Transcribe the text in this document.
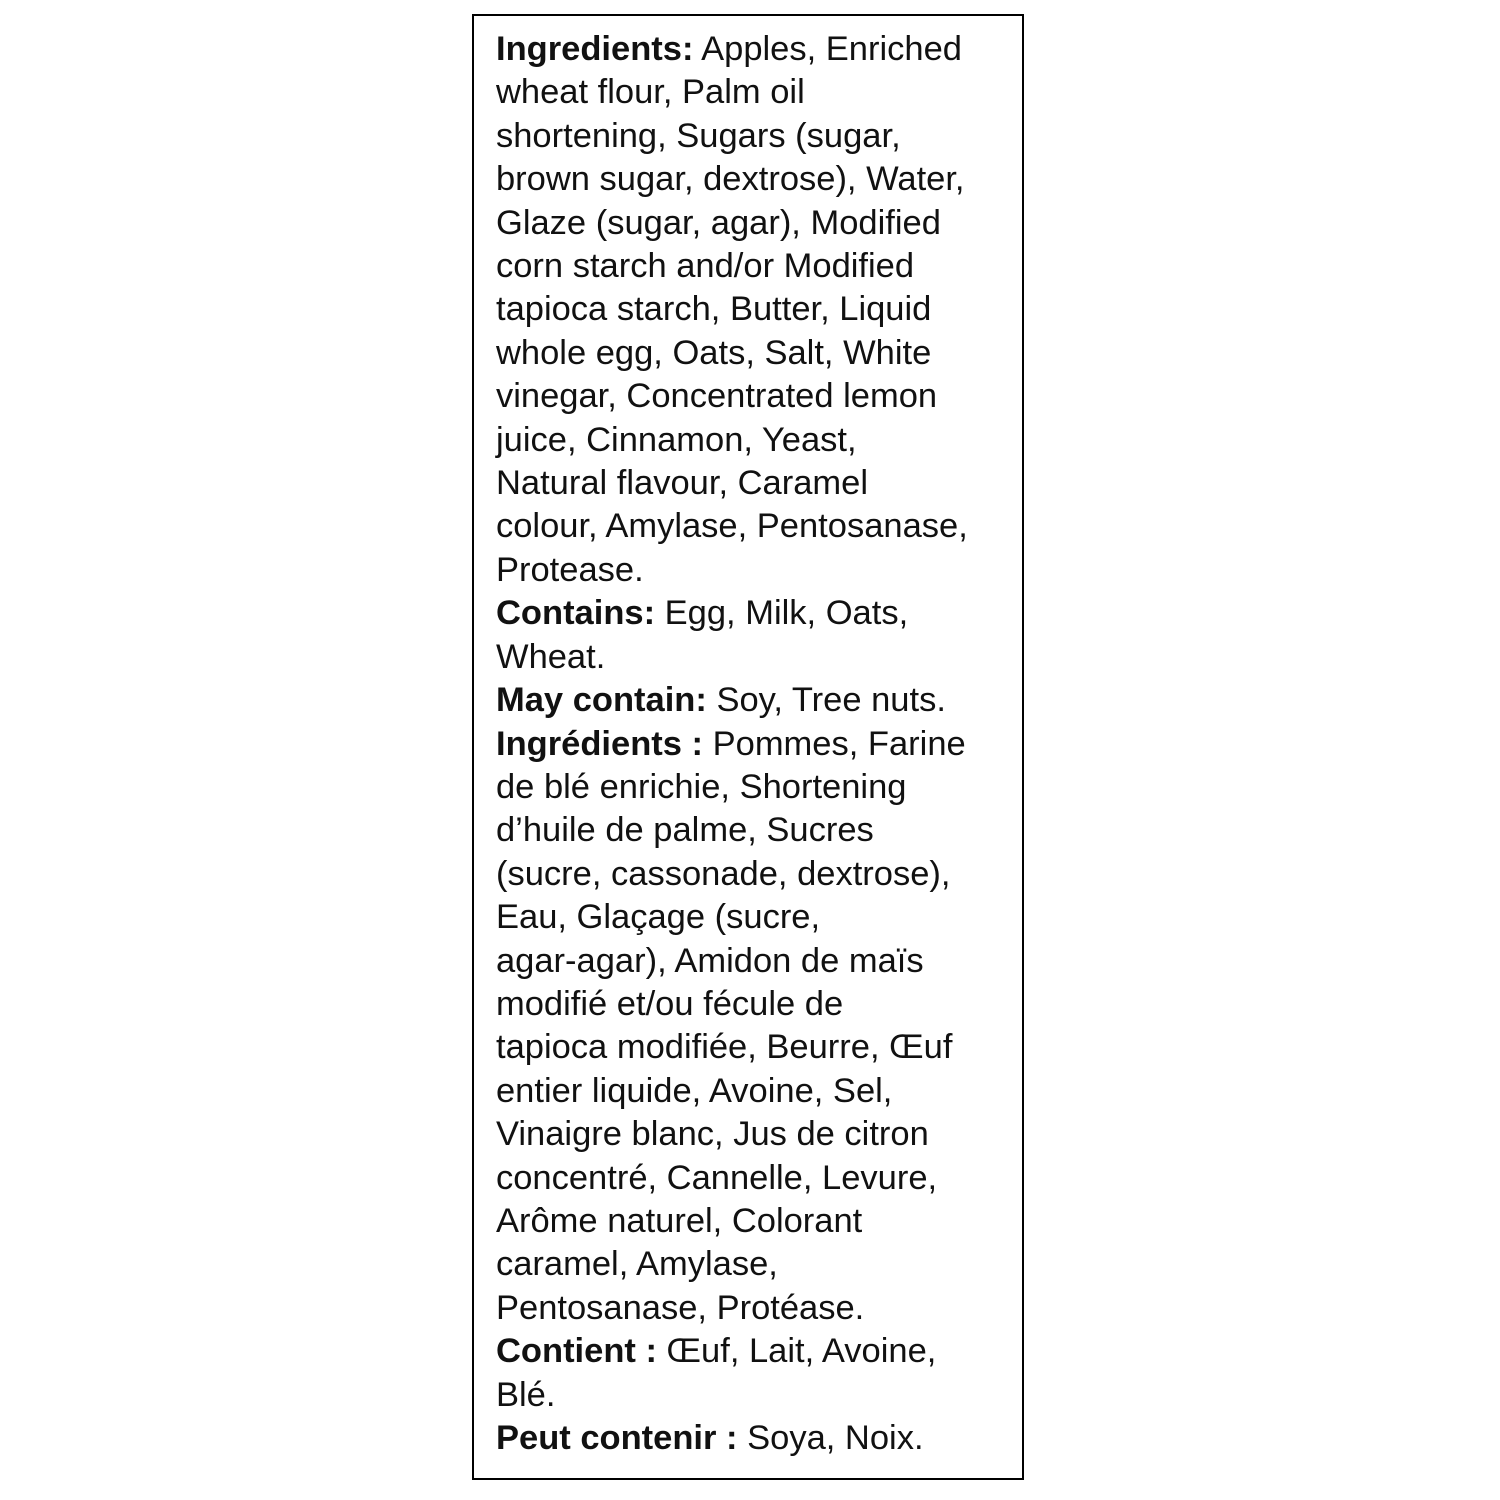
Ingredients: Apples, Enriched
wheat flour, Palm oil
shortening, Sugars (sugar,
brown sugar, dextrose), Water,
Glaze (sugar, agar), Modified
corn starch and/or Modified
tapioca starch, Butter, Liquid
whole egg, Oats, Salt, White
vinegar, Concentrated lemon
juice, Cinnamon, Yeast,
Natural flavour, Caramel
colour, Amylase, Pentosanase,
Protease.
Contains: Egg, Milk, Oats,
Wheat.
May contain: Soy, Tree nuts.
Ingrédients : Pommes, Farine
de blé enrichie, Shortening
d’huile de palme, Sucres
(sucre, cassonade, dextrose),
Eau, Glaçage (sucre,
agar-agar), Amidon de maïs
modifié et/ou fécule de
tapioca modifiée, Beurre, Œuf
entier liquide, Avoine, Sel,
Vinaigre blanc, Jus de citron
concentré, Cannelle, Levure,
Arôme naturel, Colorant
caramel, Amylase,
Pentosanase, Protéase.
Contient : Œuf, Lait, Avoine,
Blé.
Peut contenir : Soya, Noix.
